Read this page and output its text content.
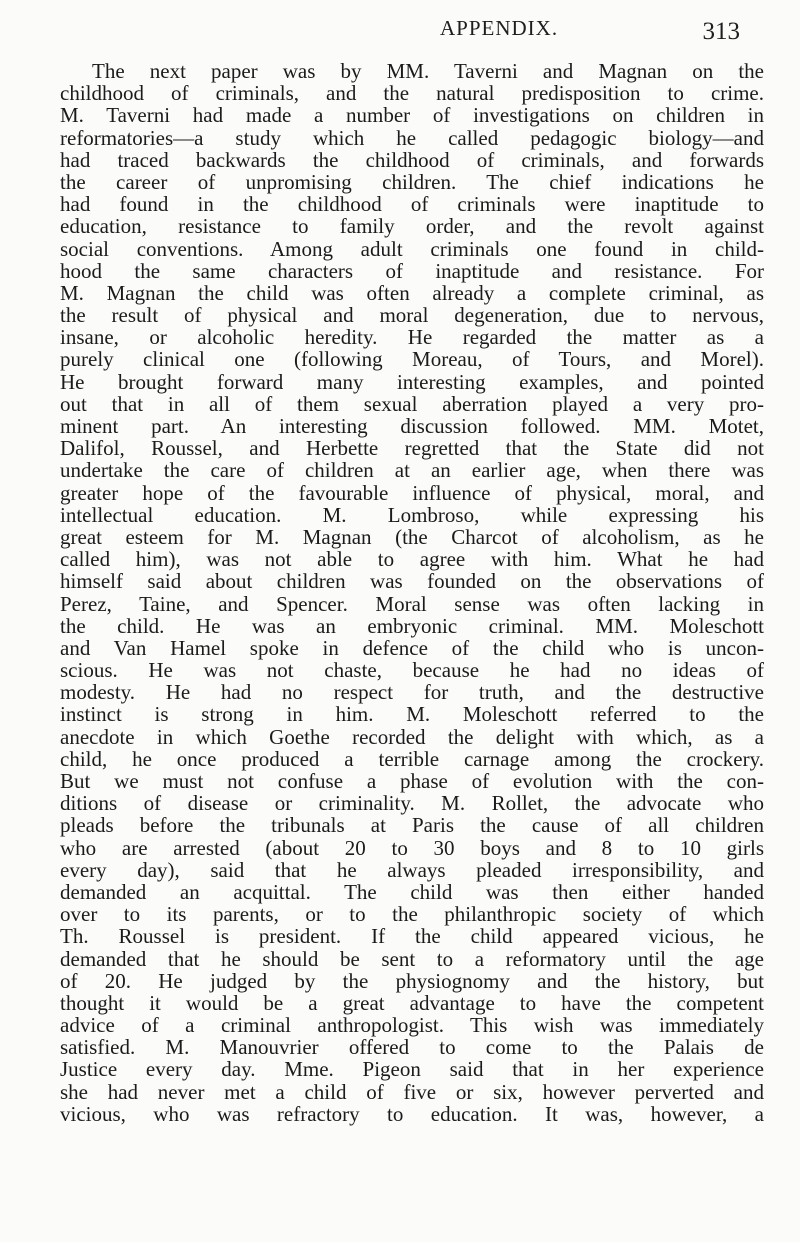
APPENDIX.	313
The next paper was by MM. Taverni and Magnan on the
childhood of criminals, and the natural predisposition to crime.
M. Taverni had made a number of investigations on children in
reformatories—a study which he called pedagogic biology—and
had traced backwards the childhood of criminals, and forwards
the career of unpromising children. The chief indications he
had found in the childhood of criminals were inaptitude to
education, resistance to family order, and the revolt against
social conventions. Among adult criminals one found in child-
hood the same characters of inaptitude and resistance. For
M. Magnan the child was often already a complete criminal, as
the result of physical and moral degeneration, due to nervous,
insane, or alcoholic heredity. He regarded the matter as a
purely clinical one (following Moreau, of Tours, and Morel).
He brought forward many interesting examples, and pointed
out that in all of them sexual aberration played a very pro-
minent part. An interesting discussion followed. MM. Motet,
Dalifol, Roussel, and Herbette regretted that the State did not
undertake the care of children at an earlier age, when there was
greater hope of the favourable influence of physical, moral, and
intellectual education. M. Lombroso, while expressing his
great esteem for M. Magnan (the Charcot of alcoholism, as he
called him), was not able to agree with him. What he had
himself said about children was founded on the observations of
Perez, Taine, and Spencer. Moral sense was often lacking in
the child. He was an embryonic criminal. MM. Moleschott
and Van Hamel spoke in defence of the child who is uncon-
scious. He was not chaste, because he had no ideas of
modesty. He had no respect for truth, and the destructive
instinct is strong in him. M. Moleschott referred to the
anecdote in which Goethe recorded the delight with which, as a
child, he once produced a terrible carnage among the crockery.
But we must not confuse a phase of evolution with the con-
ditions of disease or criminality. M. Rollet, the advocate who
pleads before the tribunals at Paris the cause of all children
who are arrested (about 20 to 30 boys and 8 to 10 girls
every day), said that he always pleaded irresponsibility, and
demanded an acquittal. The child was then either handed
over to its parents, or to the philanthropic society of which
Th. Roussel is president. If the child appeared vicious, he
demanded that he should be sent to a reformatory until the age
of 20. He judged by the physiognomy and the history, but
thought it would be a great advantage to have the competent
advice of a criminal anthropologist. This wish was immediately
satisfied. M. Manouvrier offered to come to the Palais de
Justice every day. Mme. Pigeon said that in her experience
she had never met a child of five or six, however perverted and
vicious, who was refractory to education. It was, however, a
